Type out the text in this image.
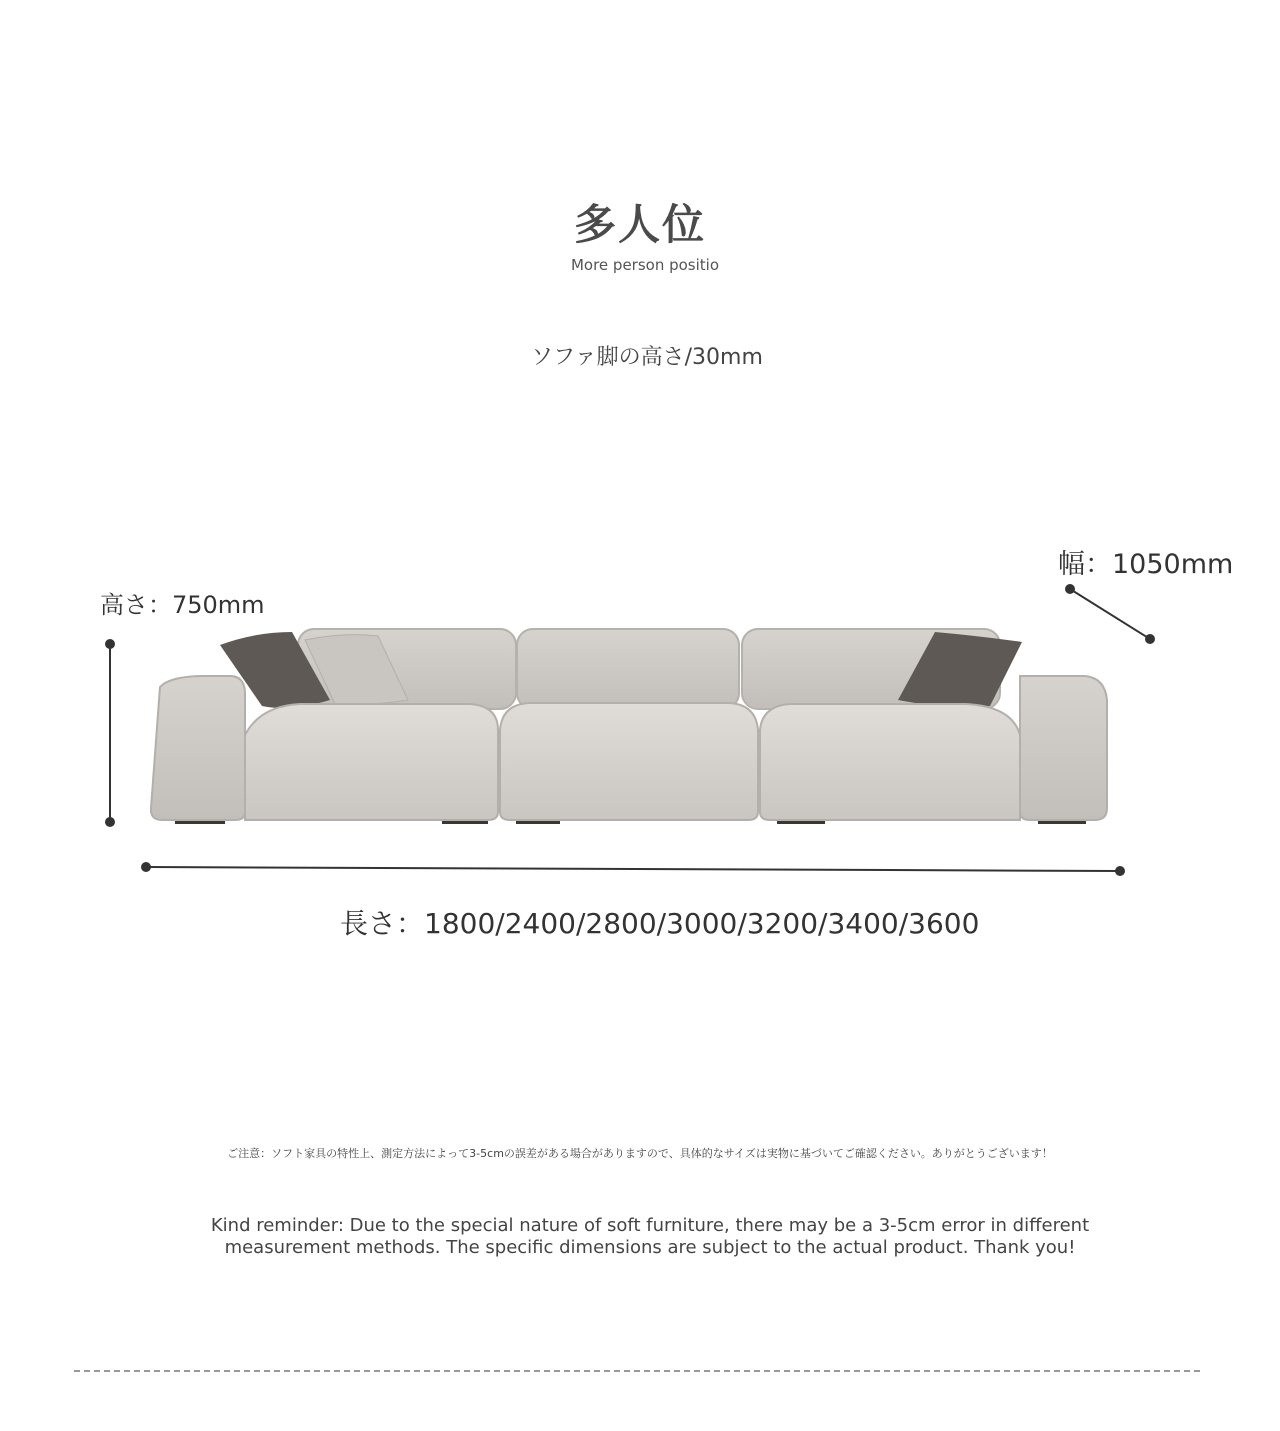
多人位
More person positio
ソファ脚の高さ/30mm
高さ：750mm
幅：1050mm
長さ：1800/2400/2800/3000/3200/3400/3600
ご注意：ソフト家具の特性上、測定方法によって3-5cmの誤差がある場合がありますので、具体的なサイズは実物に基づいてご確認ください。ありがとうございます！
Kind reminder: Due to the special nature of soft furniture, there may be a 3-5cm error in different measurement methods. The specific dimensions are subject to the actual product. Thank you!
